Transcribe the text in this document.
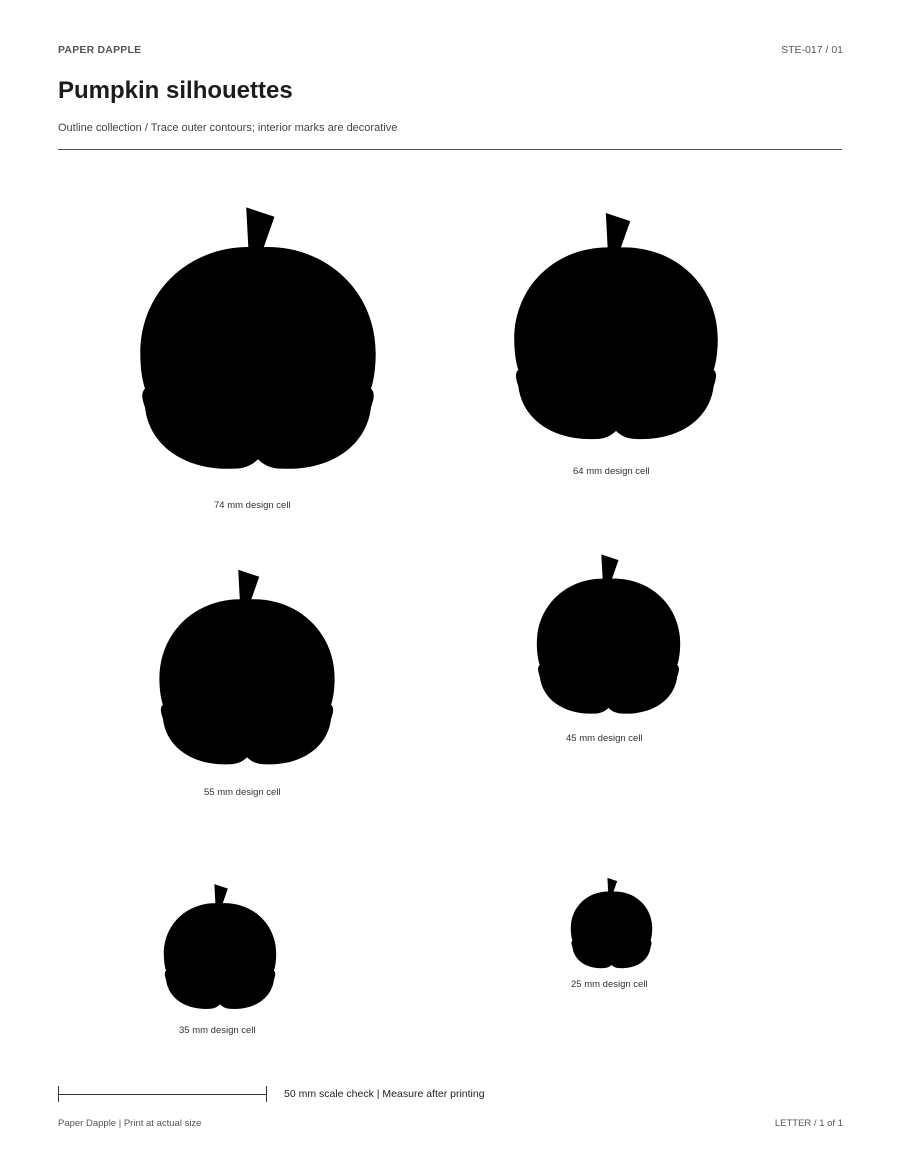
PAPER DAPPLE	STE-017 / 01
Pumpkin silhouettes
Outline collection / Trace outer contours; interior marks are decorative
74 mm design cell
64 mm design cell
55 mm design cell
45 mm design cell
35 mm design cell
25 mm design cell
50 mm scale check | Measure after printing
Paper Dapple | Print at actual size	LETTER / 1 of 1
